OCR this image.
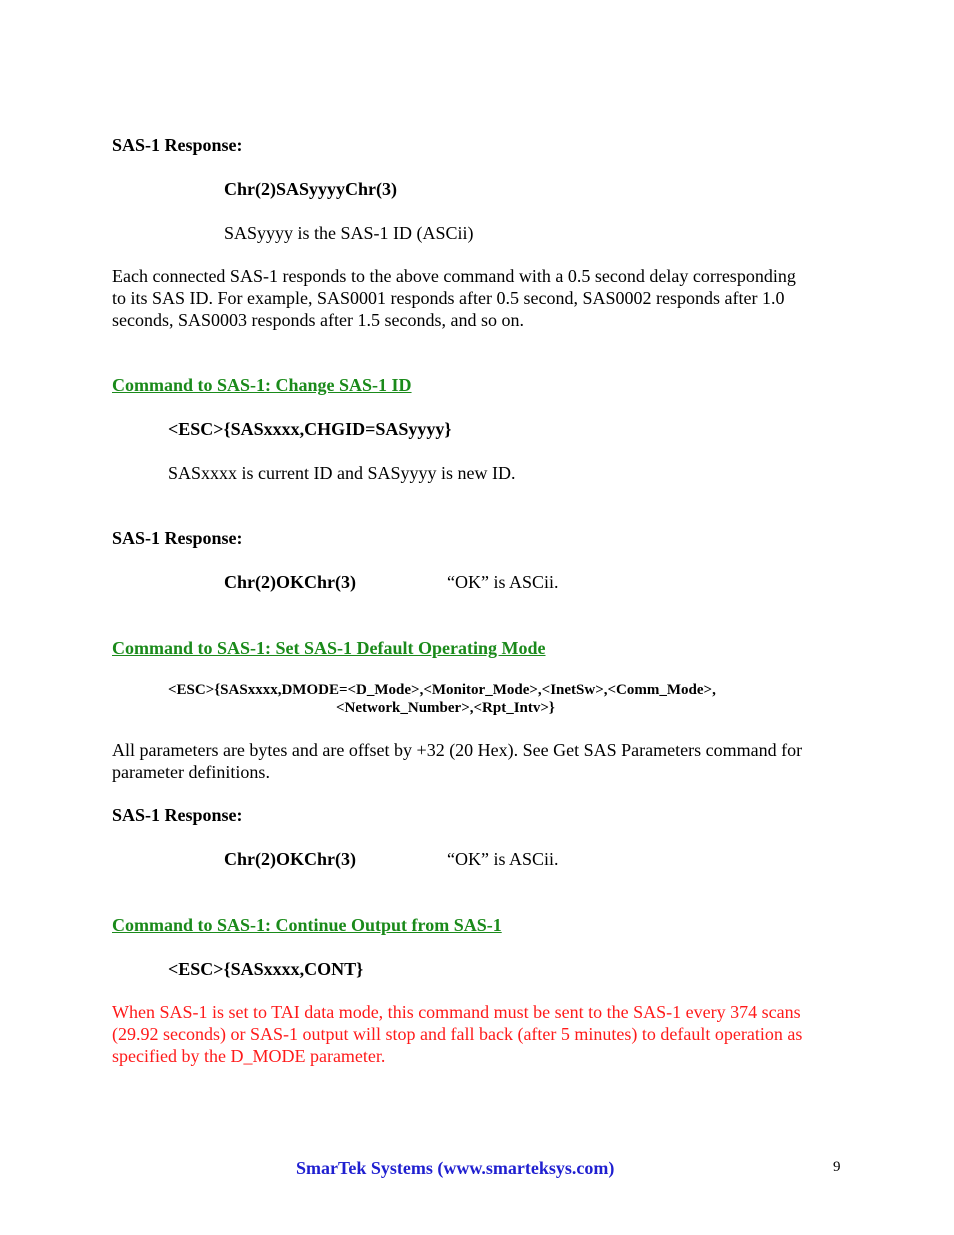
SAS-1 Response:
Chr(2)SASyyyyChr(3)
SASyyyy is the SAS-1 ID (ASCii)
Each connected SAS-1 responds to the above command with a 0.5 second delay corresponding
to its SAS ID. For example, SAS0001 responds after 0.5 second, SAS0002 responds after 1.0
seconds, SAS0003 responds after 1.5 seconds, and so on.
Command to SAS-1: Change SAS-1 ID
<ESC>{SASxxxx,CHGID=SASyyyy}
SASxxxx is current ID and SASyyyy is new ID.
SAS-1 Response:
Chr(2)OKChr(3)	“OK” is ASCii.
Command to SAS-1: Set SAS-1 Default Operating Mode
<ESC>{SASxxxx,DMODE=<D_Mode>,<Monitor_Mode>,<InetSw>,<Comm_Mode>,
<Network_Number>,<Rpt_Intv>}
All parameters are bytes and are offset by +32 (20 Hex). See Get SAS Parameters command for
parameter definitions.
SAS-1 Response:
Chr(2)OKChr(3)	“OK” is ASCii.
Command to SAS-1: Continue Output from SAS-1
<ESC>{SASxxxx,CONT}
When SAS-1 is set to TAI data mode, this command must be sent to the SAS-1 every 374 scans
(29.92 seconds) or SAS-1 output will stop and fall back (after 5 minutes) to default operation as
specified by the D_MODE parameter.
SmarTek Systems (www.smarteksys.com)	9
